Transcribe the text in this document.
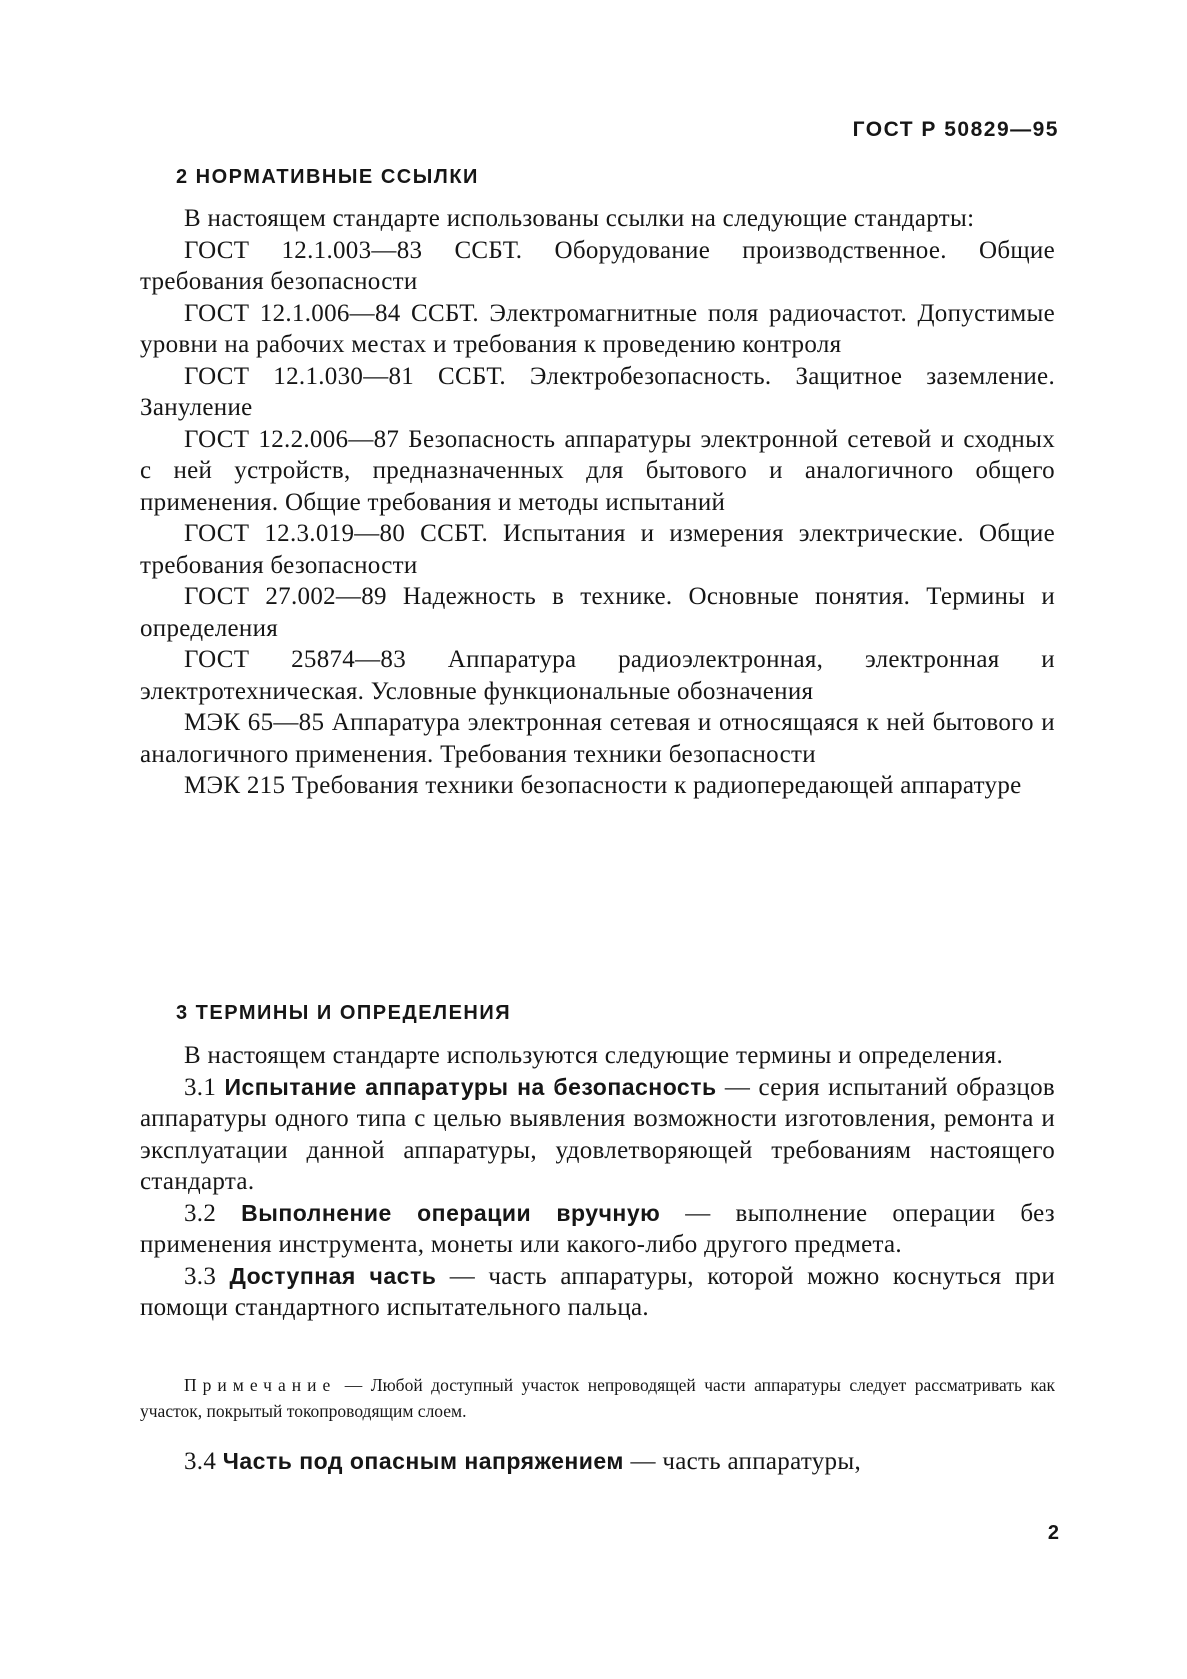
ГОСТ Р 50829—95
2 НОРМАТИВНЫЕ ССЫЛКИ

В настоящем стандарте использованы ссылки на следующие стандарты:

ГОСТ 12.1.003—83 ССБТ. Оборудование производственное. Общие требования безопасности

ГОСТ 12.1.006—84 ССБТ. Электромагнитные поля радиочастот. Допустимые уровни на рабочих местах и требования к проведению контроля

ГОСТ 12.1.030—81 ССБТ. Электробезопасность. Защитное заземление. Зануление

ГОСТ 12.2.006—87 Безопасность аппаратуры электронной сетевой и сходных с ней устройств, предназначенных для бытового и аналогичного общего применения. Общие требования и методы испытаний

ГОСТ 12.3.019—80 ССБТ. Испытания и измерения электрические. Общие требования безопасности

ГОСТ 27.002—89 Надежность в технике. Основные понятия. Термины и определения

ГОСТ 25874—83 Аппаратура радиоэлектронная, электронная и электротехническая. Условные функциональные обозначения

МЭК 65—85 Аппаратура электронная сетевая и относящаяся к ней бытового и аналогичного применения. Требования техники безопасности

МЭК 215 Требования техники безопасности к радиопередающей аппаратуре

3 ТЕРМИНЫ И ОПРЕДЕЛЕНИЯ

В настоящем стандарте используются следующие термины и определения.

3.1 Испытание аппаратуры на безопасность — серия испытаний образцов аппаратуры одного типа с целью выявления возможности изготовления, ремонта и эксплуатации данной аппаратуры, удовлетворяющей требованиям настоящего стандарта.

3.2 Выполнение операции вручную — выполнение операции без применения инструмента, монеты или какого-либо другого предмета.

3.3 Доступная часть — часть аппаратуры, которой можно коснуться при помощи стандартного испытательного пальца.

Примечание — Любой доступный участок непроводящей части аппаратуры следует рассматривать как участок, покрытый токопроводящим слоем.

3.4 Часть под опасным напряжением — часть аппаратуры,

2
